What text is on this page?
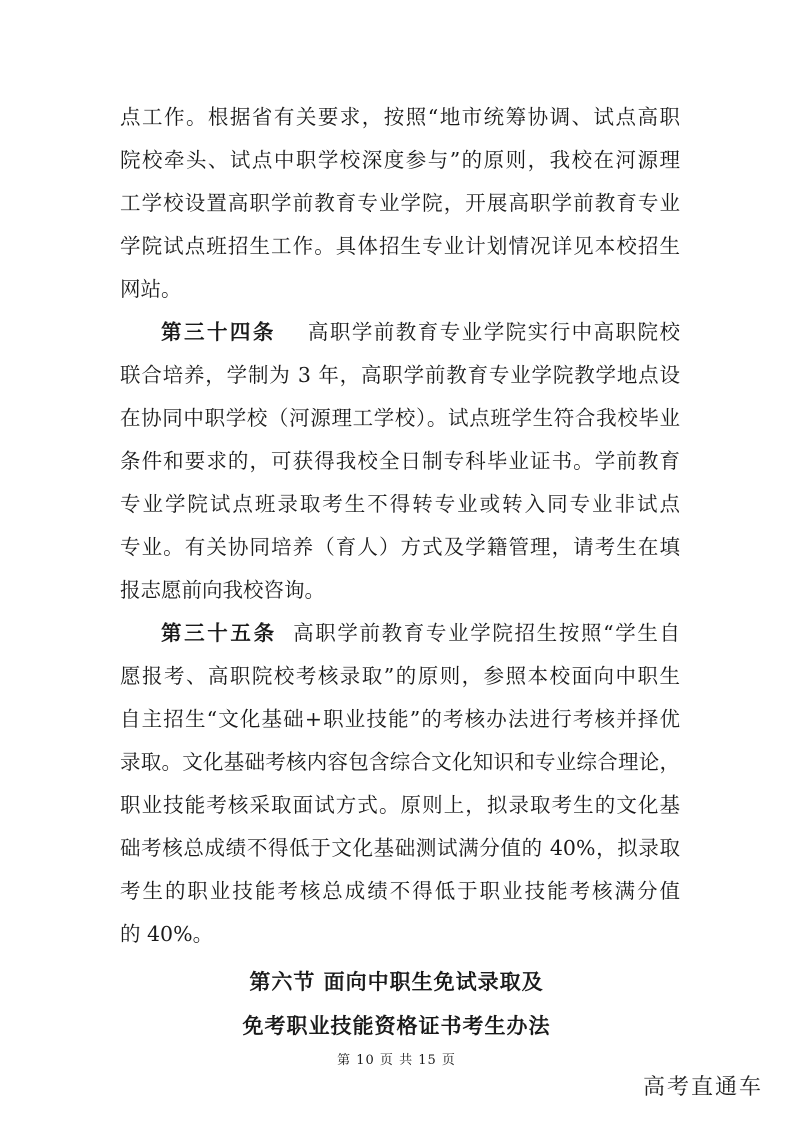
点工作。根据省有关要求，按照“地市统筹协调、试点高职
院校牵头、试点中职学校深度参与”的原则，我校在河源理
工学校设置高职学前教育专业学院，开展高职学前教育专业
学院试点班招生工作。具体招生专业计划情况详见本校招生
网站。
第三十四条 高职学前教育专业学院实行中高职院校
联合培养，学制为 3 年，高职学前教育专业学院教学地点设
在协同中职学校（河源理工学校）。试点班学生符合我校毕业
条件和要求的，可获得我校全日制专科毕业证书。学前教育
专业学院试点班录取考生不得转专业或转入同专业非试点
专业。有关协同培养（育人）方式及学籍管理，请考生在填
报志愿前向我校咨询。
第三十五条 高职学前教育专业学院招生按照“学生自
愿报考、高职院校考核录取”的原则，参照本校面向中职生
自主招生“文化基础+职业技能”的考核办法进行考核并择优
录取。文化基础考核内容包含综合文化知识和专业综合理论，
职业技能考核采取面试方式。原则上，拟录取考生的文化基
础考核总成绩不得低于文化基础测试满分值的 40%，拟录取
考生的职业技能考核总成绩不得低于职业技能考核满分值
的 40%。
第六节 面向中职生免试录取及
免考职业技能资格证书考生办法
第 10 页 共 15 页
高考直通车
